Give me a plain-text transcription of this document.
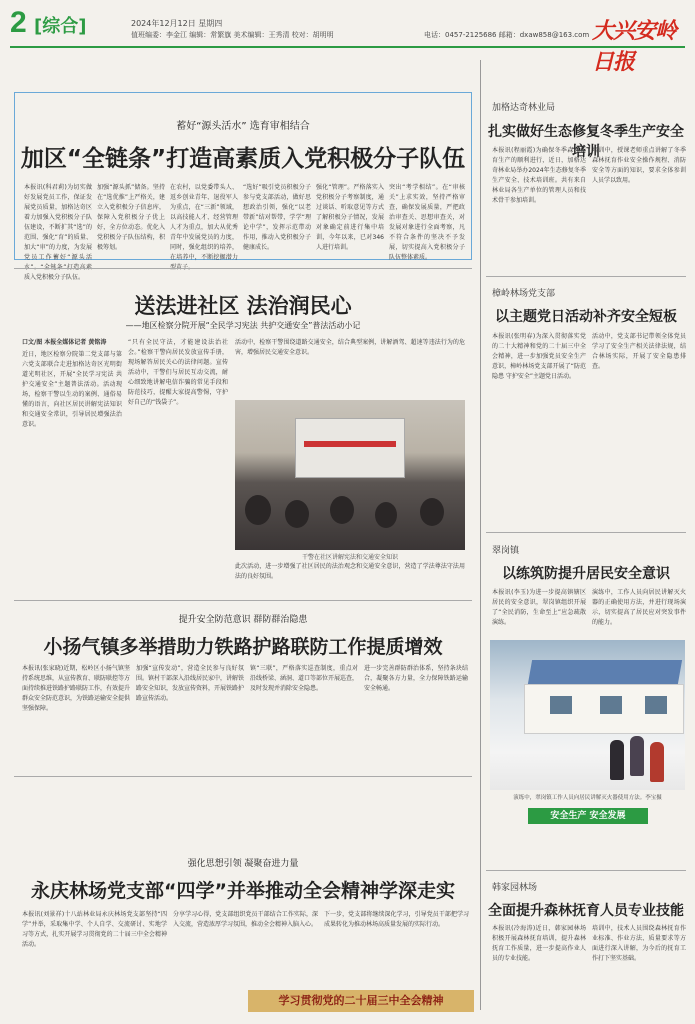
2 [综合]	2024年12月12日 星期四
值班编委：李金江 编辑：常繁旗 美术编辑：王秀清 校对：胡明明	电话：0457-2125686 邮箱：dxaw858@163.com 大兴安岭日报
蓄好“源头活水” 选育审相结合
加区“全链条”打造高素质入党积极分子队伍
本报讯(科君莉)为切实做好发展党员工作，保证发展党员质量，加格达奇区着力加强入党积极分子队伍建设，不断扩其“选”的范围、强化“育”的质量、加大“审”的力度，为发展党员工作蓄好“源头活 质入党积极分子队伍。
加强“源头抓”储备。坚持在“选优推”上严格关，建立入党积极分子信息库，保障入党积极分子优上好，全方位动态。优化入党积极分子队伍结构，积极筹划。
在农村，以党委带头人、返乡创业青年、退役军人为重点，在“三新”领域，以高技能人才、经营管理人才为重点，加大从优秀青年中发展党员的力度，同时，强化组织的培养，在培养中，不断挖掘潜力
“选好”吸引党员积极分子参与党支部活动，做好思想政治引领，强化“以老带新”结对帮带，学学“理论中学”，发挥示范带动作用，推动入党积极分子健康成长。
强化“管理”。严格落实入党积极分子考察制度，通过谈话、听取意见等方式了解积极分子情况，发展对象确定前进行集中培训，今年以来，已对346人进行培训。
突出“考学相结”。在“审核关”上求实效，坚持严格审查，确保发展质量，严把政治审查关、思想审查关，对发展对象进行全面考察，凡不符合条件的坚决不予发展，切实提高入党积极分子队伍整体素质。
送法进社区 法治润民心
——地区检察分院开展“全民学习宪法 共护交通安全”普法活动小记
口文/图 本报全媒体记者 黄铭涛
近日，地区检察分院第二党支部与第六党支部联合走进加格达奇区光明街道光明社区，开展“全民学习宪法 共护交通安全”主题普法活动。活动现场，检察干警以生动的案例、通俗易懂的语言，向社区居民讲解宪法知识和交通安全常识，引导居民增强法治意识。
“只有全民守法，才能建设法治社会。”检察干警向居民发放宣传手册，现场解答居民关心的法律问题。宣传活动中，干警们与居民互动交流，耐心细致地讲解电信诈骗的常见手段和防范技巧，提醒大家提高警惕，守护好自己的“钱袋子”。
活动中，检察干警围绕道路交通安全，结合典型案例，讲解酒驾、超速等违法行为的危害，增强居民交通安全意识。
干警在社区讲解宪法和交通安全知识
此次活动，进一步增强了社区居民的法治观念和交通安全意识，营造了学法尊法守法用法的良好氛围。
提升安全防范意识 群防群治隐患
小扬气镇多举措助力铁路护路联防工作提质增效
本报讯(张家晓)近期，松岭区小扬气镇坚持系统思维，从宣传教育、联防联控等方面持续推进铁路护路联防工作，有效提升群众安全防范意识，为铁路运输安全提供坚强保障。
加强“宣传发动”，营造全民参与良好氛围。镇村干部深入沿线居民家中，讲解铁路安全知识，发放宣传资料，开展铁路护路宣传活动。
镇“三联”，严格落实巡查制度，重点对沿线桥梁、涵洞、道口等部位开展巡查，及时发现并消除安全隐患。
进一步完善群防群治体系，坚持条块结合，凝聚各方力量，全力保障铁路运输安全畅通。
强化思想引领 凝聚奋进力量
永庆林场党支部“四学”并举推动全会精神学深走实
本报讯(刘景祥)十八站林业局永庆林场党支部坚持“四学”并举，采取集中学、个人自学、交流研讨、实地学习等方式，扎实开展学习贯彻党的二十届三中全会精神活动。
分享学习心得，党支部组织党员干部结合工作实际，深入交流，营造浓厚学习氛围，推动全会精神入脑入心。
下一步，党支部将继续深化学习，引导党员干部把学习成果转化为推动林场高质量发展的实际行动。
学习贯彻党的二十届三中全会精神
加格达奇林业局
扎实做好生态修复冬季生产安全培训
本报讯(程丽霞)为确保冬季森林抚育生产的顺利进行，近日，加格达奇林业局举办2024年生态修复冬季生产安全、技术培训班。共有来自林业局各生产单位的管理人员和技术骨干参加培训。
培训中，授课老师重点讲解了冬季森林抚育作业安全操作规程、消防安全等方面的知识，要求全体参训人员学以致用。
樟岭林场党支部
以主题党日活动补齐安全短板
本报讯(张明春)为深入贯彻落实党的二十大精神和党的二十届三中全会精神，进一步加强党员安全生产意识，樟岭林场党支部开展了“防范隐患 守护安全”主题党日活动。
活动中，党支部书记带领全体党员学习了安全生产相关法律法规，结合林场实际，开展了安全隐患排查。
翠岗镇
以练筑防提升居民安全意识
本报讯(李玉)为进一步提高镇辖区居民的安全意识，翠岗镇组织开展了“全民消防，生命至上”应急疏散演练。
演练中，工作人员向居民讲解灭火器的正确使用方法，并进行现场演示，切实提高了居民应对突发事件的能力。
演练中，翠岗镇工作人员向居民讲解灭火器使用方法。李宝摄
安全生产 安全发展
韩家园林场
全面提升森林抚育人员专业技能
本报讯(冷海涛)近日，韩家园林场积极开展森林抚育培训，提升森林抚育工作质量，进一步提高作业人员的专业技能。
培训中，技术人员围绕森林抚育作业标准、作业方法、质量要求等方面进行深入讲解，为今后的抚育工作打下坚实基础。
